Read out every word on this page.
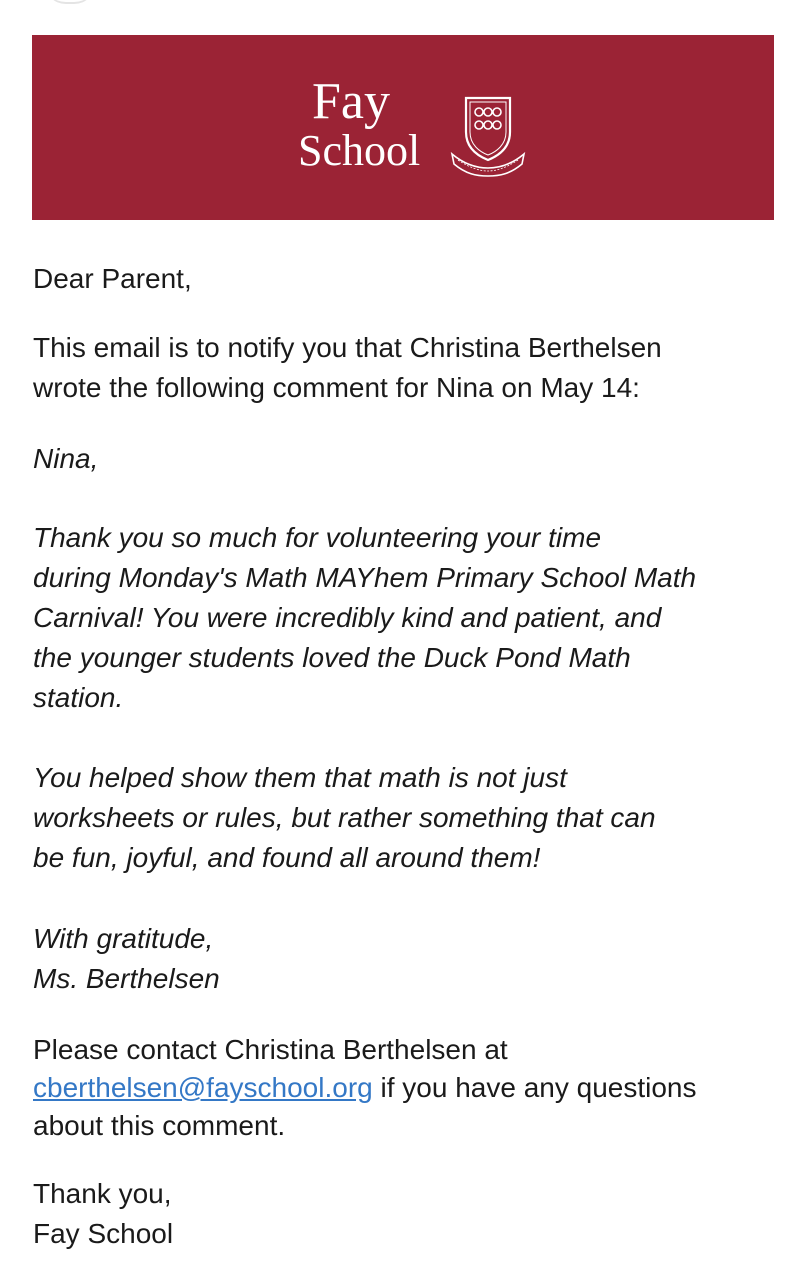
Fay
School

Dear Parent,

This email is to notify you that Christina Berthelsen
wrote the following comment for Nina on May 14:

Nina,

Thank you so much for volunteering your time
during Monday's Math MAYhem Primary School Math
Carnival! You were incredibly kind and patient, and
the younger students loved the Duck Pond Math
station.

You helped show them that math is not just
worksheets or rules, but rather something that can
be fun, joyful, and found all around them!

With gratitude,
Ms. Berthelsen

Please contact Christina Berthelsen at

cberthelsen@fayschool.org if you have any questions

about this comment.

Thank you,
Fay School
